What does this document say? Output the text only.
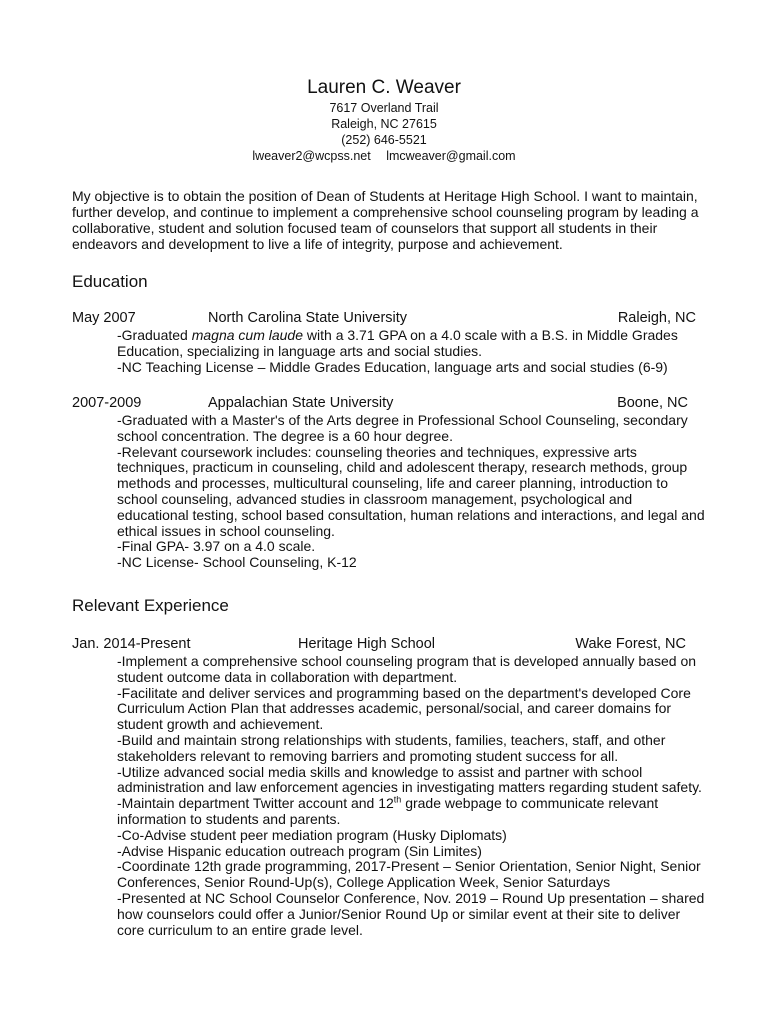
Lauren C. Weaver
7617 Overland Trail
Raleigh, NC 27615
(252) 646-5521
lweaver2@wcpss.net lmcweaver@gmail.com
My objective is to obtain the position of Dean of Students at Heritage High School. I want to maintain, further develop, and continue to implement a comprehensive school counseling program by leading a collaborative, student and solution focused team of counselors that support all students in their endeavors and development to live a life of integrity, purpose and achievement.
Education
May 2007	North Carolina State University	Raleigh, NC
-Graduated magna cum laude with a 3.71 GPA on a 4.0 scale with a B.S. in Middle Grades Education, specializing in language arts and social studies.
-NC Teaching License – Middle Grades Education, language arts and social studies (6-9)
2007-2009	Appalachian State University	Boone, NC
-Graduated with a Master's of the Arts degree in Professional School Counseling, secondary school concentration. The degree is a 60 hour degree.
-Relevant coursework includes: counseling theories and techniques, expressive arts techniques, practicum in counseling, child and adolescent therapy, research methods, group methods and processes, multicultural counseling, life and career planning, introduction to school counseling, advanced studies in classroom management, psychological and educational testing, school based consultation, human relations and interactions, and legal and ethical issues in school counseling.
-Final GPA- 3.97 on a 4.0 scale.
-NC License- School Counseling, K-12
Relevant Experience
Jan. 2014-Present	Heritage High School	Wake Forest, NC
-Implement a comprehensive school counseling program that is developed annually based on student outcome data in collaboration with department.
-Facilitate and deliver services and programming based on the department's developed Core Curriculum Action Plan that addresses academic, personal/social, and career domains for student growth and achievement.
-Build and maintain strong relationships with students, families, teachers, staff, and other stakeholders relevant to removing barriers and promoting student success for all.
-Utilize advanced social media skills and knowledge to assist and partner with school administration and law enforcement agencies in investigating matters regarding student safety.
-Maintain department Twitter account and 12th grade webpage to communicate relevant information to students and parents.
-Co-Advise student peer mediation program (Husky Diplomats)
-Advise Hispanic education outreach program (Sin Limites)
-Coordinate 12th grade programming, 2017-Present – Senior Orientation, Senior Night, Senior Conferences, Senior Round-Up(s), College Application Week, Senior Saturdays
-Presented at NC School Counselor Conference, Nov. 2019 – Round Up presentation – shared how counselors could offer a Junior/Senior Round Up or similar event at their site to deliver core curriculum to an entire grade level.
